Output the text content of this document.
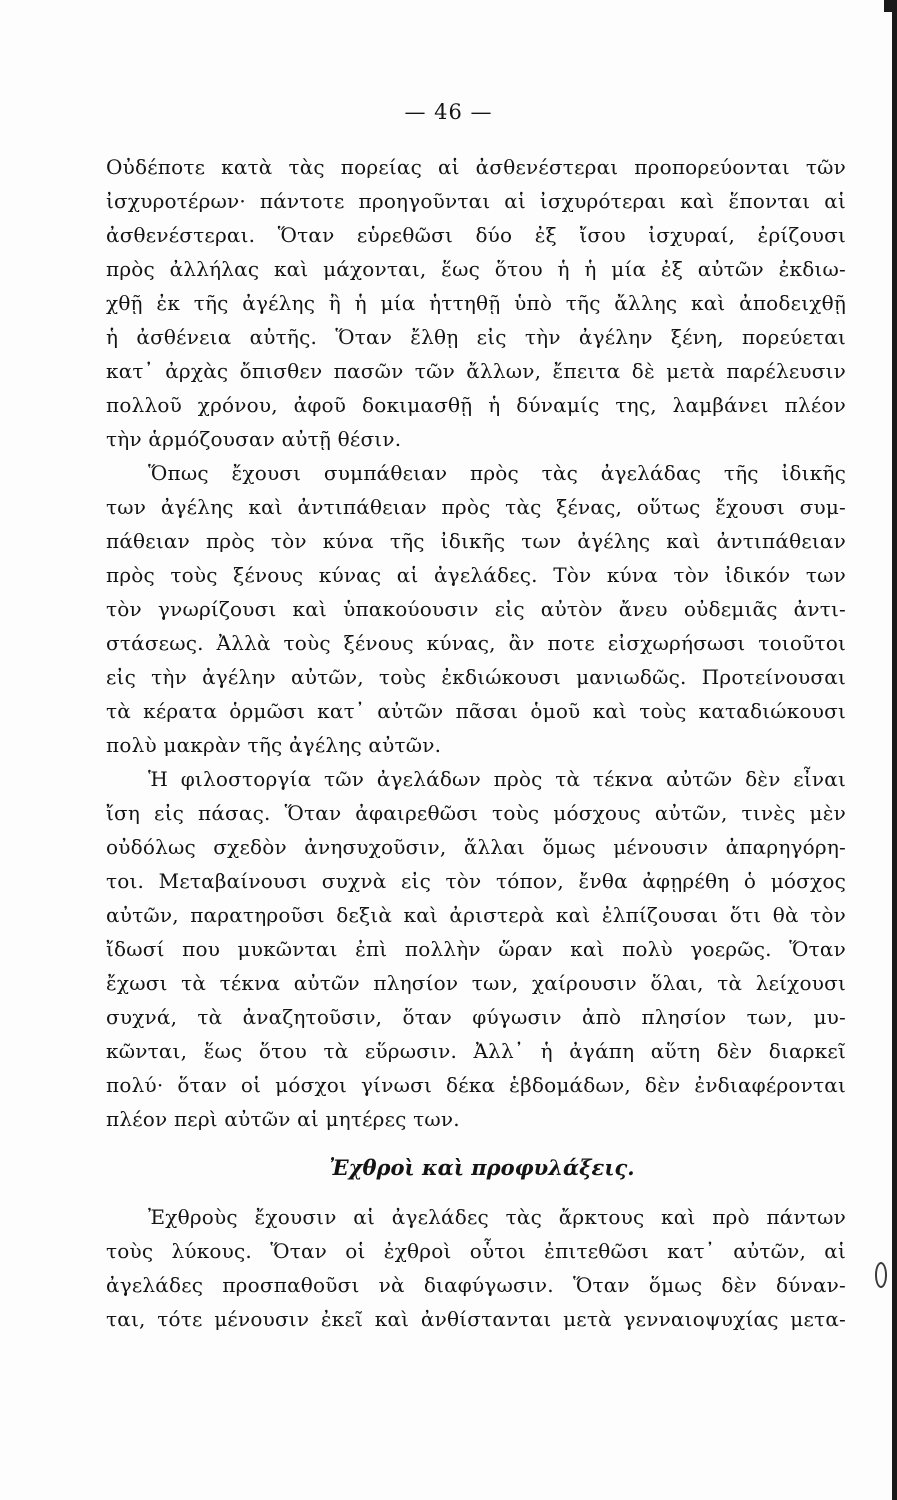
— 46 —
Οὐδέποτε κατὰ τὰς πορείας αἱ ἀσθενέστεραι προπορεύονται τῶν
ἰσχυροτέρων· πάντοτε προηγοῦνται αἱ ἰσχυρότεραι καὶ ἕπονται αἱ
ἀσθενέστεραι. Ὅταν εὑρεθῶσι δύο ἐξ ἴσου ἰσχυραί, ἐρίζουσι
πρὸς ἀλλήλας καὶ μάχονται, ἕως ὅτου ἡ ἡ μία ἐξ αὐτῶν ἐκδιω-
χθῇ ἐκ τῆς ἀγέλης ἢ ἡ μία ἡττηθῇ ὑπὸ τῆς ἄλλης καὶ ἀποδειχθῇ
ἡ ἀσθένεια αὐτῆς. Ὅταν ἔλθῃ εἰς τὴν ἀγέλην ξένη, πορεύεται
κατ᾽ ἀρχὰς ὄπισθεν πασῶν τῶν ἄλλων, ἔπειτα δὲ μετὰ παρέλευσιν
πολλοῦ χρόνου, ἀφοῦ δοκιμασθῇ ἡ δύναμίς της, λαμβάνει πλέον
τὴν ἁρμόζουσαν αὐτῇ θέσιν.
Ὅπως ἔχουσι συμπάθειαν πρὸς τὰς ἀγελάδας τῆς ἰδικῆς
των ἀγέλης καὶ ἀντιπάθειαν πρὸς τὰς ξένας, οὕτως ἔχουσι συμ-
πάθειαν πρὸς τὸν κύνα τῆς ἰδικῆς των ἀγέλης καὶ ἀντιπάθειαν
πρὸς τοὺς ξένους κύνας αἱ ἀγελάδες. Τὸν κύνα τὸν ἰδικόν των
τὸν γνωρίζουσι καὶ ὑπακούουσιν εἰς αὐτὸν ἄνευ οὐδεμιᾶς ἀντι-
στάσεως. Ἀλλὰ τοὺς ξένους κύνας, ἂν ποτε εἰσχωρήσωσι τοιοῦτοι
εἰς τὴν ἀγέλην αὐτῶν, τοὺς ἐκδιώκουσι μανιωδῶς. Προτείνουσαι
τὰ κέρατα ὁρμῶσι κατ᾽ αὐτῶν πᾶσαι ὁμοῦ καὶ τοὺς καταδιώκουσι
πολὺ μακρὰν τῆς ἀγέλης αὐτῶν.
Ἡ φιλοστοργία τῶν ἀγελάδων πρὸς τὰ τέκνα αὐτῶν δὲν εἶναι
ἴση εἰς πάσας. Ὅταν ἀφαιρεθῶσι τοὺς μόσχους αὐτῶν, τινὲς μὲν
οὐδόλως σχεδὸν ἀνησυχοῦσιν, ἄλλαι ὅμως μένουσιν ἀπαρηγόρη-
τοι. Μεταβαίνουσι συχνὰ εἰς τὸν τόπον, ἔνθα ἀφῃρέθη ὁ μόσχος
αὐτῶν, παρατηροῦσι δεξιὰ καὶ ἀριστερὰ καὶ ἐλπίζουσαι ὅτι θὰ τὸν
ἴδωσί που μυκῶνται ἐπὶ πολλὴν ὥραν καὶ πολὺ γοερῶς. Ὅταν
ἔχωσι τὰ τέκνα αὐτῶν πλησίον των, χαίρουσιν ὅλαι, τὰ λείχουσι
συχνά, τὰ ἀναζητοῦσιν, ὅταν φύγωσιν ἀπὸ πλησίον των, μυ-
κῶνται, ἕως ὅτου τὰ εὕρωσιν. Ἀλλ᾽ ἡ ἀγάπη αὕτη δὲν διαρκεῖ
πολύ· ὅταν οἱ μόσχοι γίνωσι δέκα ἑβδομάδων, δὲν ἐνδιαφέρονται
πλέον περὶ αὐτῶν αἱ μητέρες των.
Ἐχθροὶ καὶ προφυλάξεις.
Ἐχθροὺς ἔχουσιν αἱ ἀγελάδες τὰς ἄρκτους καὶ πρὸ πάντων
τοὺς λύκους. Ὅταν οἱ ἐχθροὶ οὗτοι ἐπιτεθῶσι κατ᾽ αὐτῶν, αἱ
ἀγελάδες προσπαθοῦσι νὰ διαφύγωσιν. Ὅταν ὅμως δὲν δύναν-
ται, τότε μένουσιν ἐκεῖ καὶ ἀνθίστανται μετὰ γενναιοψυχίας μετα-
